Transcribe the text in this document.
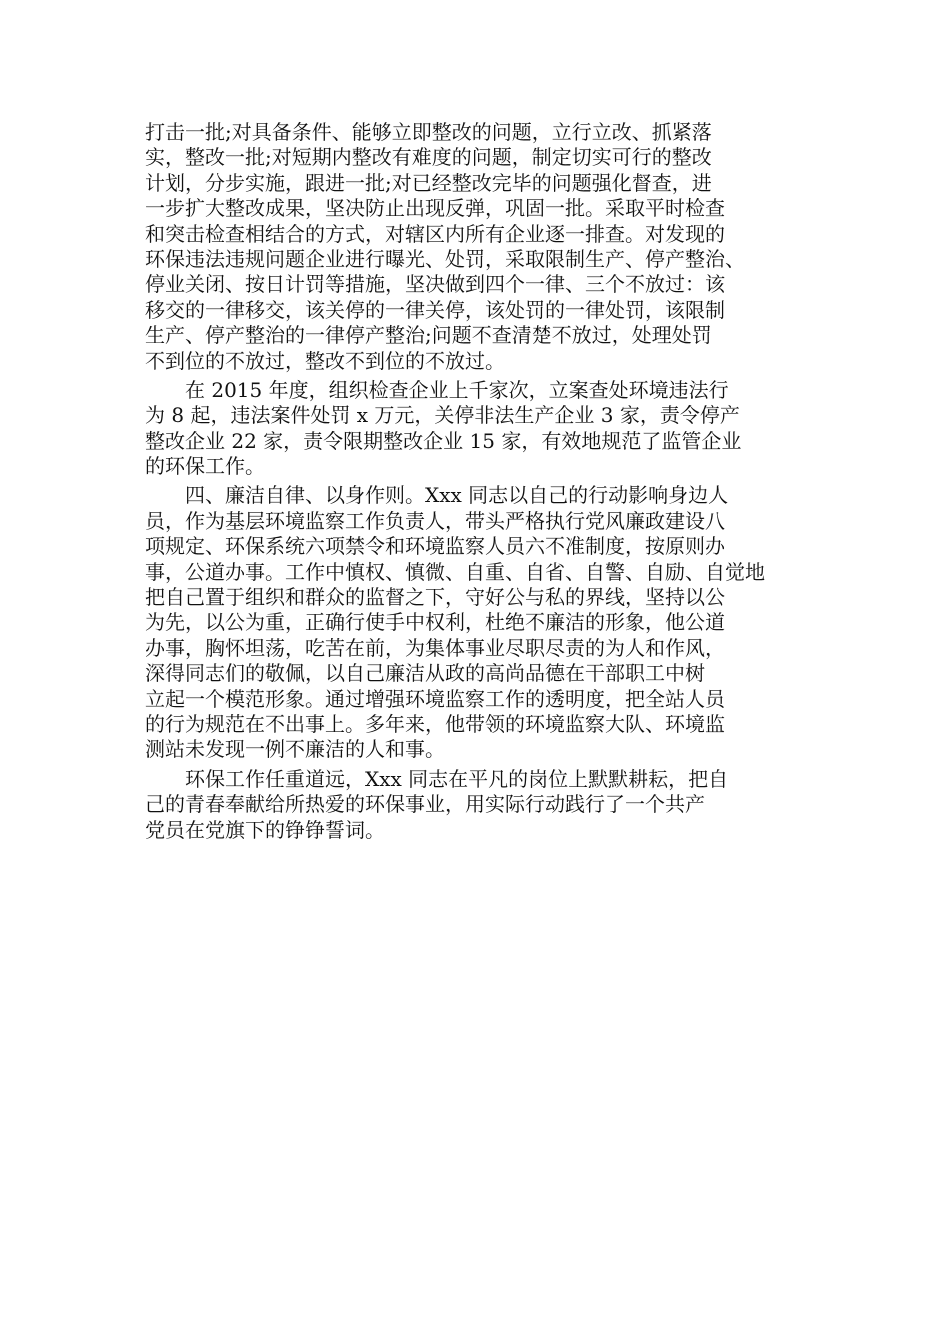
打击一批;对具备条件、能够立即整改的问题，立行立改、抓紧落
实，整改一批;对短期内整改有难度的问题，制定切实可行的整改
计划，分步实施，跟进一批;对已经整改完毕的问题强化督查，进
一步扩大整改成果，坚决防止出现反弹，巩固一批。采取平时检查
和突击检查相结合的方式，对辖区内所有企业逐一排查。对发现的
环保违法违规问题企业进行曝光、处罚，采取限制生产、停产整治、
停业关闭、按日计罚等措施，坚决做到四个一律、三个不放过：该
移交的一律移交，该关停的一律关停，该处罚的一律处罚，该限制
生产、停产整治的一律停产整治;问题不查清楚不放过，处理处罚
不到位的不放过，整改不到位的不放过。

在 2015 年度，组织检查企业上千家次，立案查处环境违法行
为 8 起，违法案件处罚 x 万元，关停非法生产企业 3 家，责令停产
整改企业 22 家，责令限期整改企业 15 家，有效地规范了监管企业
的环保工作。

四、廉洁自律、以身作则。Xxx 同志以自己的行动影响身边人
员，作为基层环境监察工作负责人，带头严格执行党风廉政建设八
项规定、环保系统六项禁令和环境监察人员六不准制度，按原则办
事，公道办事。工作中慎权、慎微、自重、自省、自警、自励、自觉地
把自己置于组织和群众的监督之下，守好公与私的界线，坚持以公
为先，以公为重，正确行使手中权利，杜绝不廉洁的形象，他公道
办事，胸怀坦荡，吃苦在前，为集体事业尽职尽责的为人和作风，
深得同志们的敬佩，以自己廉洁从政的高尚品德在干部职工中树
立起一个模范形象。通过增强环境监察工作的透明度，把全站人员
的行为规范在不出事上。多年来，他带领的环境监察大队、环境监
测站未发现一例不廉洁的人和事。

环保工作任重道远，Xxx 同志在平凡的岗位上默默耕耘，把自
己的青春奉献给所热爱的环保事业，用实际行动践行了一个共产
党员在党旗下的铮铮誓词。
